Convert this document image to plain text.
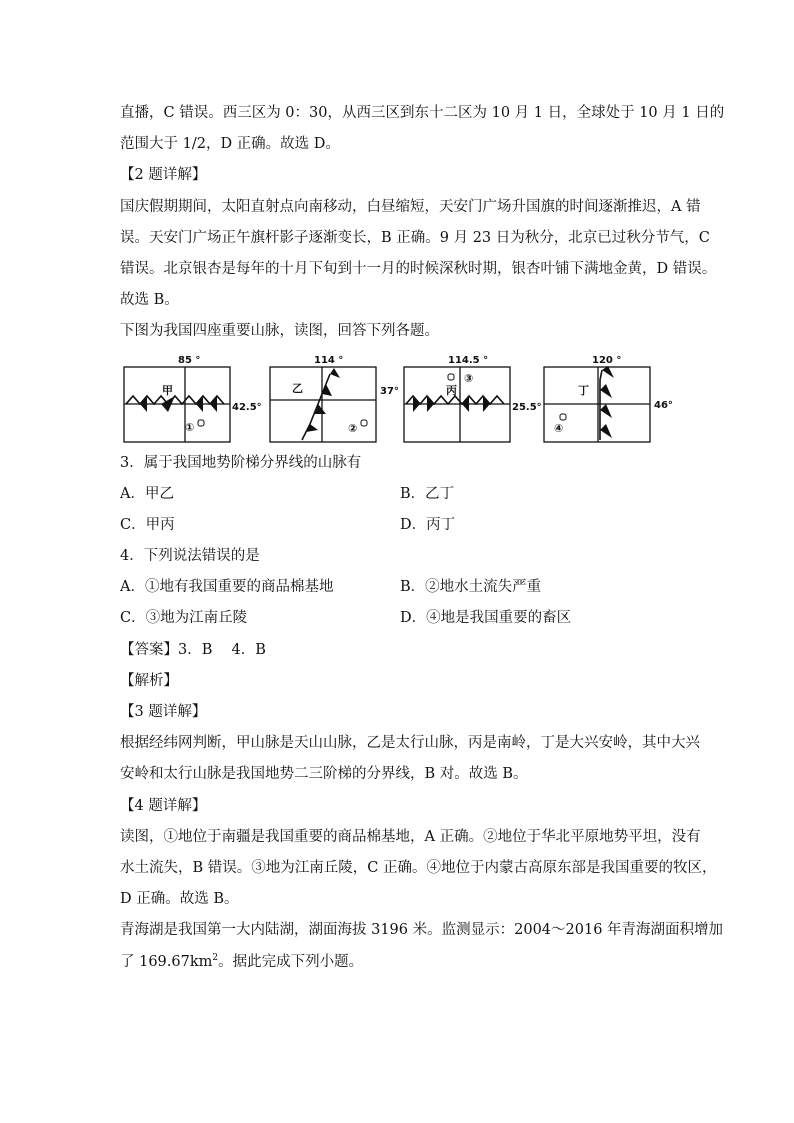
直播，C 错误。西三区为 0：30，从西三区到东十二区为 10 月 1 日，全球处于 10 月 1 日的
范围大于 1/2，D 正确。故选 D。
【2 题详解】
国庆假期期间，太阳直射点向南移动，白昼缩短，天安门广场升国旗的时间逐渐推迟，A 错
误。天安门广场正午旗杆影子逐渐变长，B 正确。9 月 23 日为秋分，北京已过秋分节气，C
错误。北京银杏是每年的十月下旬到十一月的时候深秋时期，银杏叶铺下满地金黄，D 错误。
故选 B。
下图为我国四座重要山脉，读图，回答下列各题。
85 °
甲
①
42.5°
114 °
乙
②
37°
114.5 °
丙
③
25.5°
120 °
丁
④
46°
3．属于我国地势阶梯分界线的山脉有
A．甲乙	B．乙丁
C．甲丙	D．丙丁
4．下列说法错误的是
A．①地有我国重要的商品棉基地	B．②地水土流失严重
C．③地为江南丘陵	D．④地是我国重要的畜区
【答案】3．B　 4．B
【解析】
【3 题详解】
根据经纬网判断，甲山脉是天山山脉，乙是太行山脉，丙是南岭，丁是大兴安岭，其中大兴
安岭和太行山脉是我国地势二三阶梯的分界线，B 对。故选 B。
【4 题详解】
读图，①地位于南疆是我国重要的商品棉基地，A 正确。②地位于华北平原地势平坦，没有
水土流失，B 错误。③地为江南丘陵，C 正确。④地位于内蒙古高原东部是我国重要的牧区，
D 正确。故选 B。
青海湖是我国第一大内陆湖，湖面海拔 3196 米。监测显示：2004～2016 年青海湖面积增加
了 $169.67km^2$。据此完成下列小题。
